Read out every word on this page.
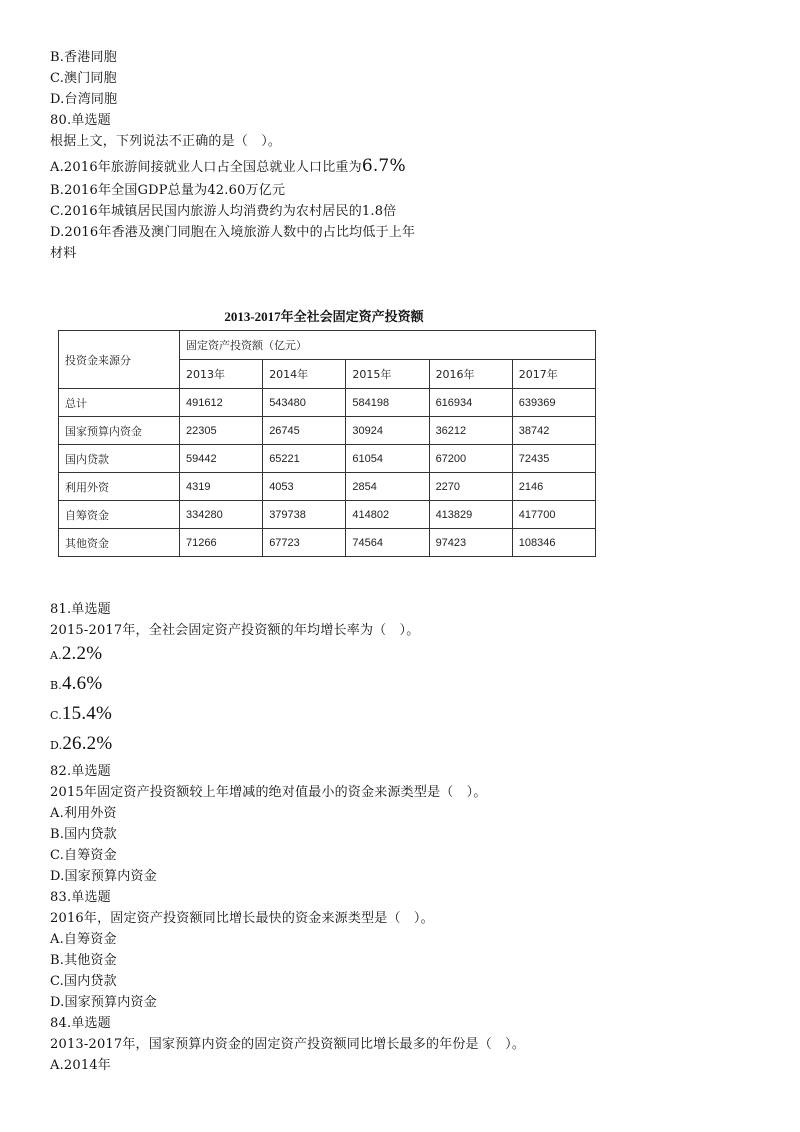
B.香港同胞
C.澳门同胞
D.台湾同胞
80.单选题
根据上文，下列说法不正确的是（　）。
A.2016年旅游间接就业人口占全国总就业人口比重为6.7%
B.2016年全国GDP总量为42.60万亿元
C.2016年城镇居民国内旅游人均消费约为农村居民的1.8倍
D.2016年香港及澳门同胞在入境旅游人数中的占比均低于上年
材料
2013-2017年全社会固定资产投资额
投资金来源分	固定资产投资额（亿元）				
	2013年	2014年	2015年	2016年	2017年
总计	491612	543480	584198	616934	639369
国家预算内资金	22305	26745	30924	36212	38742
国内贷款	59442	65221	61054	67200	72435
利用外资	4319	4053	2854	2270	2146
自筹资金	334280	379738	414802	413829	417700
其他资金	71266	67723	74564	97423	108346
81.单选题
2015-2017年，全社会固定资产投资额的年均增长率为（　）。
A.2.2%
B.4.6%
C.15.4%
D.26.2%
82.单选题
2015年固定资产投资额较上年增减的绝对值最小的资金来源类型是（　）。
A.利用外资
B.国内贷款
C.自筹资金
D.国家预算内资金
83.单选题
2016年，固定资产投资额同比增长最快的资金来源类型是（　）。
A.自筹资金
B.其他资金
C.国内贷款
D.国家预算内资金
84.单选题
2013-2017年，国家预算内资金的固定资产投资额同比增长最多的年份是（　）。
A.2014年
